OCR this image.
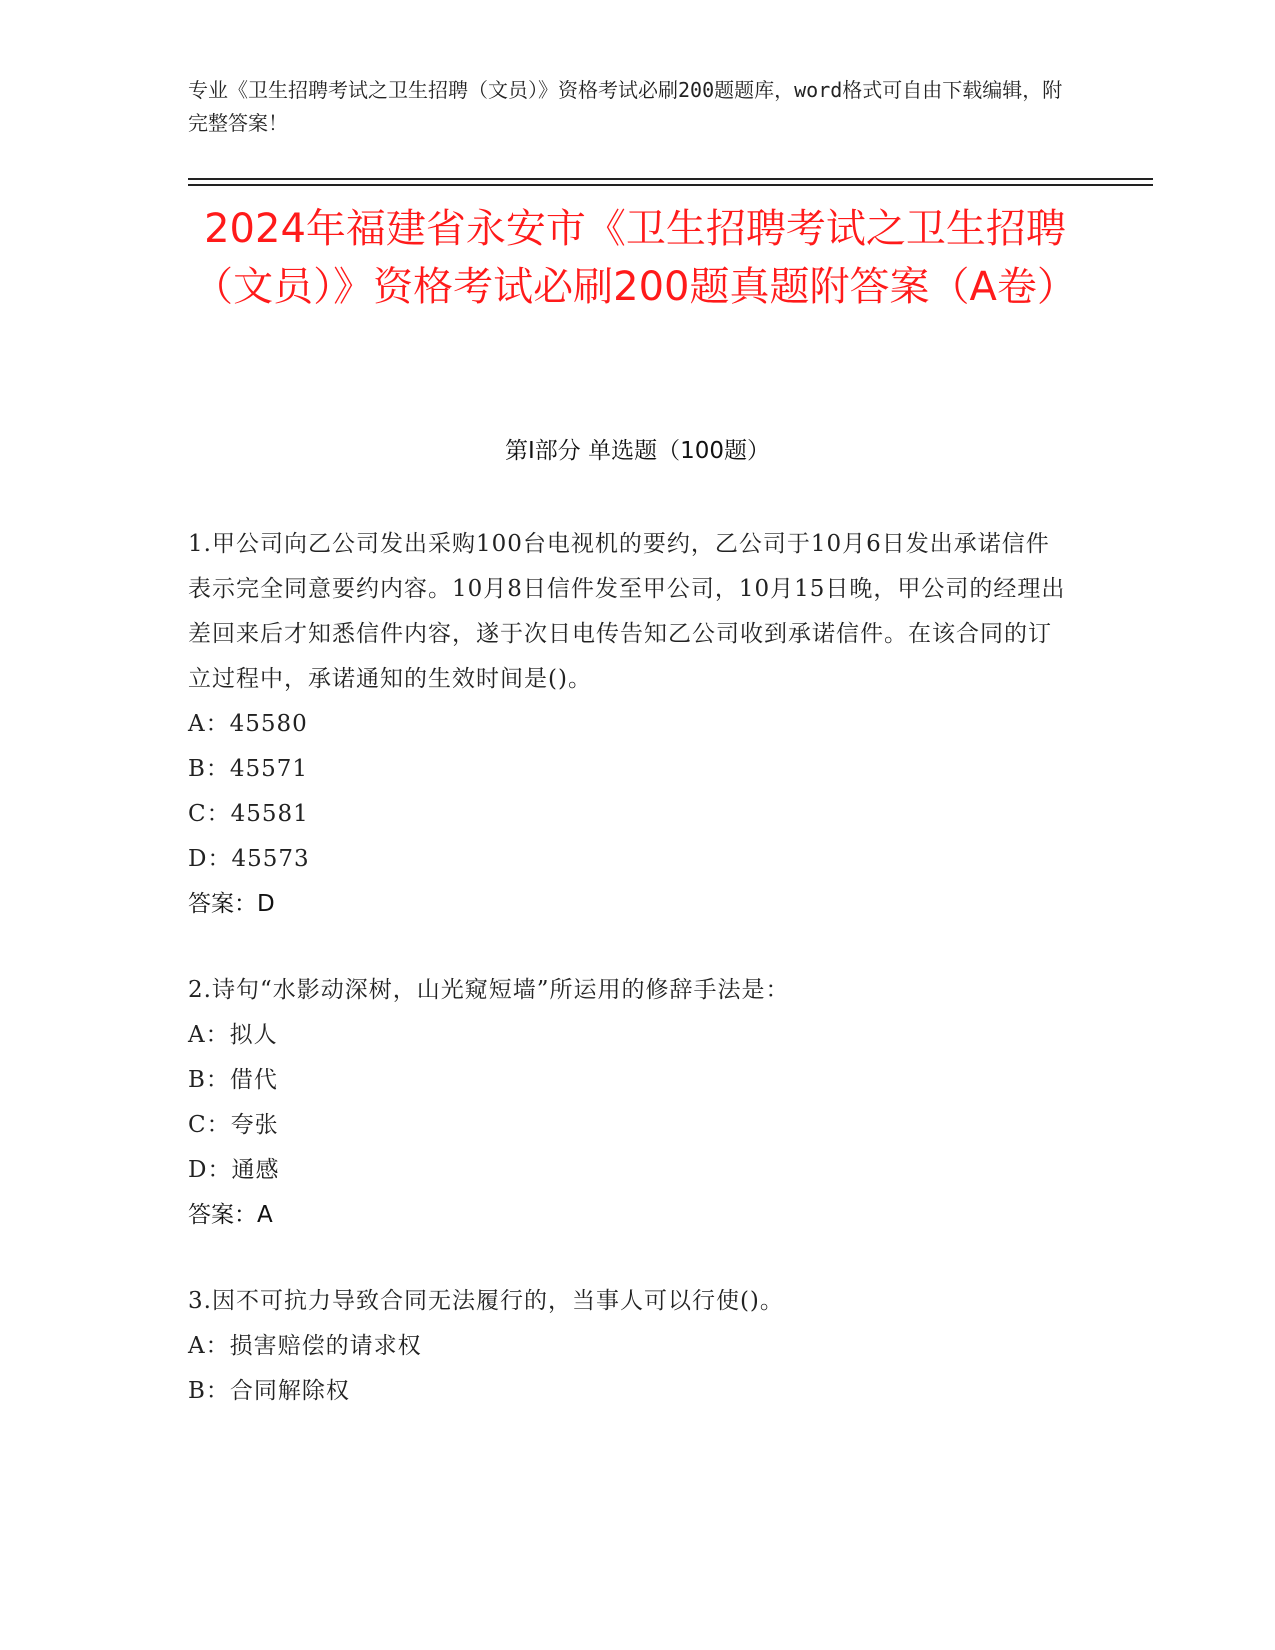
专业《卫生招聘考试之卫生招聘（文员）》资格考试必刷200题题库，word格式可自由下载编辑，附完整答案！
2024年福建省永安市《卫生招聘考试之卫生招聘（文员）》资格考试必刷200题真题附答案（A卷）
第Ⅰ部分 单选题（100题）
1.甲公司向乙公司发出采购100台电视机的要约，乙公司于10月6日发出承诺信件表示完全同意要约内容。10月8日信件发至甲公司，10月15日晚，甲公司的经理出差回来后才知悉信件内容，遂于次日电传告知乙公司收到承诺信件。在该合同的订立过程中，承诺通知的生效时间是()。
A：45580
B：45571
C：45581
D：45573
答案：D
2.诗句“水影动深树，山光窥短墙”所运用的修辞手法是：
A：拟人
B：借代
C：夸张
D：通感
答案：A
3.因不可抗力导致合同无法履行的，当事人可以行使()。
A：损害赔偿的请求权
B：合同解除权
